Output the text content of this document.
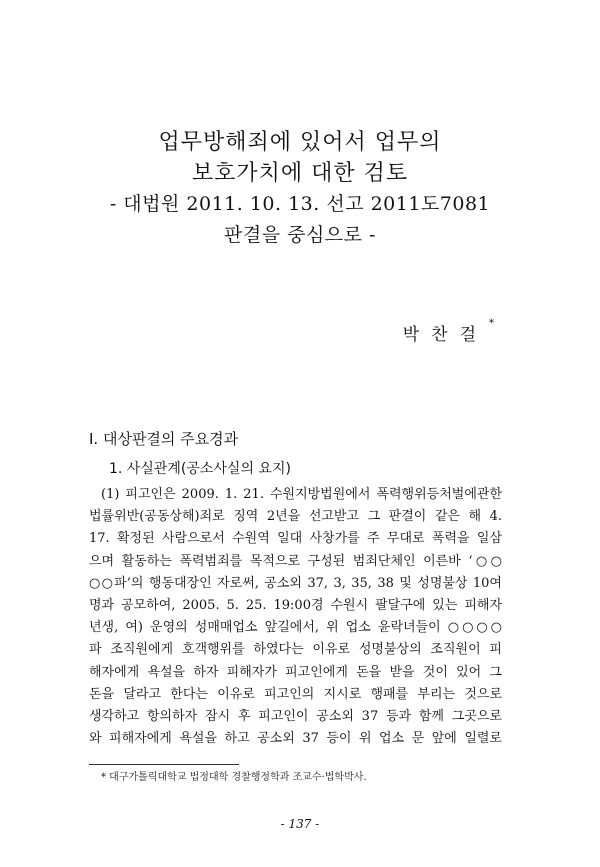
업무방해죄에 있어서 업무의
보호가치에 대한 검토
- 대법원 2011. 10. 13. 선고 2011도7081
판결을 중심으로 -
박찬걸
*
Ⅰ. 대상판결의 주요경과
1. 사실관계(공소사실의 요지)
(1) 피고인은 2009. 1. 21. 수원지방법원에서 폭력행위등처벌에관한
법률위반(공동상해)죄로 징역 2년을 선고받고 그 판결이 같은 해 4.
17. 확정된 사람으로서 수원역 일대 사창가를 주 무대로 폭력을 일삼
으며 활동하는 폭력범죄를 목적으로 구성된 범죄단체인 이른바 ‘○○
○○파’의 행동대장인 자로써, 공소외 37, 3, 35, 38 및 성명불상 10여
명과 공모하여, 2005. 5. 25. 19:00경 수원시 팔달구에 있는 피해자
년생, 여) 운영의 성매매업소 앞길에서, 위 업소 윤락녀들이 ○○○○
파 조직원에게 호객행위를 하였다는 이유로 성명불상의 조직원이 피
해자에게 욕설을 하자 피해자가 피고인에게 돈을 받을 것이 있어 그
돈을 달라고 한다는 이유로 피고인의 지시로 행패를 부리는 것으로
생각하고 항의하자 잠시 후 피고인이 공소외 37 등과 함께 그곳으로
와 피해자에게 욕설을 하고 공소외 37 등이 위 업소 문 앞에 일렬로
* 대구가톨릭대학교 법정대학 경찰행정학과 조교수·법학박사.
- 137 -
